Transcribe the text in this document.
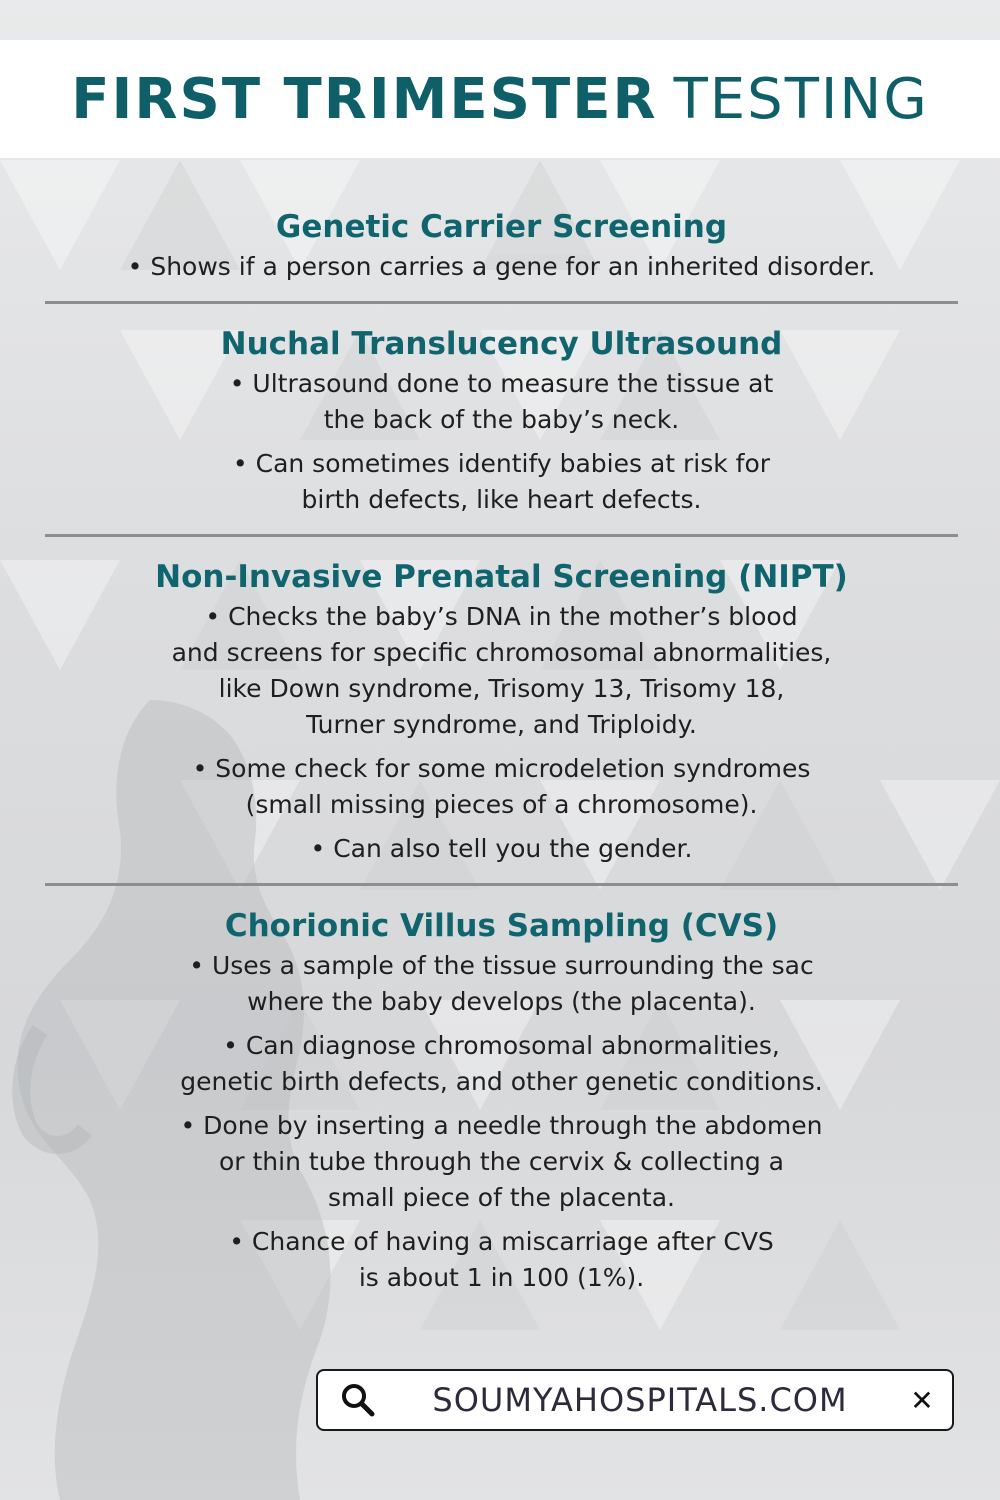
FIRST TRIMESTER TESTING
Genetic Carrier Screening

• Shows if a person carries a gene for an inherited disorder.

Nuchal Translucency Ultrasound

• Ultrasound done to measure the tissue at
the back of the baby’s neck.

• Can sometimes identify babies at risk for
birth defects, like heart defects.

Non-Invasive Prenatal Screening (NIPT)

• Checks the baby’s DNA in the mother’s blood
and screens for specific chromosomal abnormalities,
like Down syndrome, Trisomy 13, Trisomy 18,
Turner syndrome, and Triploidy.

• Some check for some microdeletion syndromes
(small missing pieces of a chromosome).

• Can also tell you the gender.

Chorionic Villus Sampling (CVS)

• Uses a sample of the tissue surrounding the sac
where the baby develops (the placenta).

• Can diagnose chromosomal abnormalities,
genetic birth defects, and other genetic conditions.

• Done by inserting a needle through the abdomen
or thin tube through the cervix & collecting a
small piece of the placenta.

• Chance of having a miscarriage after CVS
is about 1 in 100 (1%).

SOUMYAHOSPITALS.COM	✕
